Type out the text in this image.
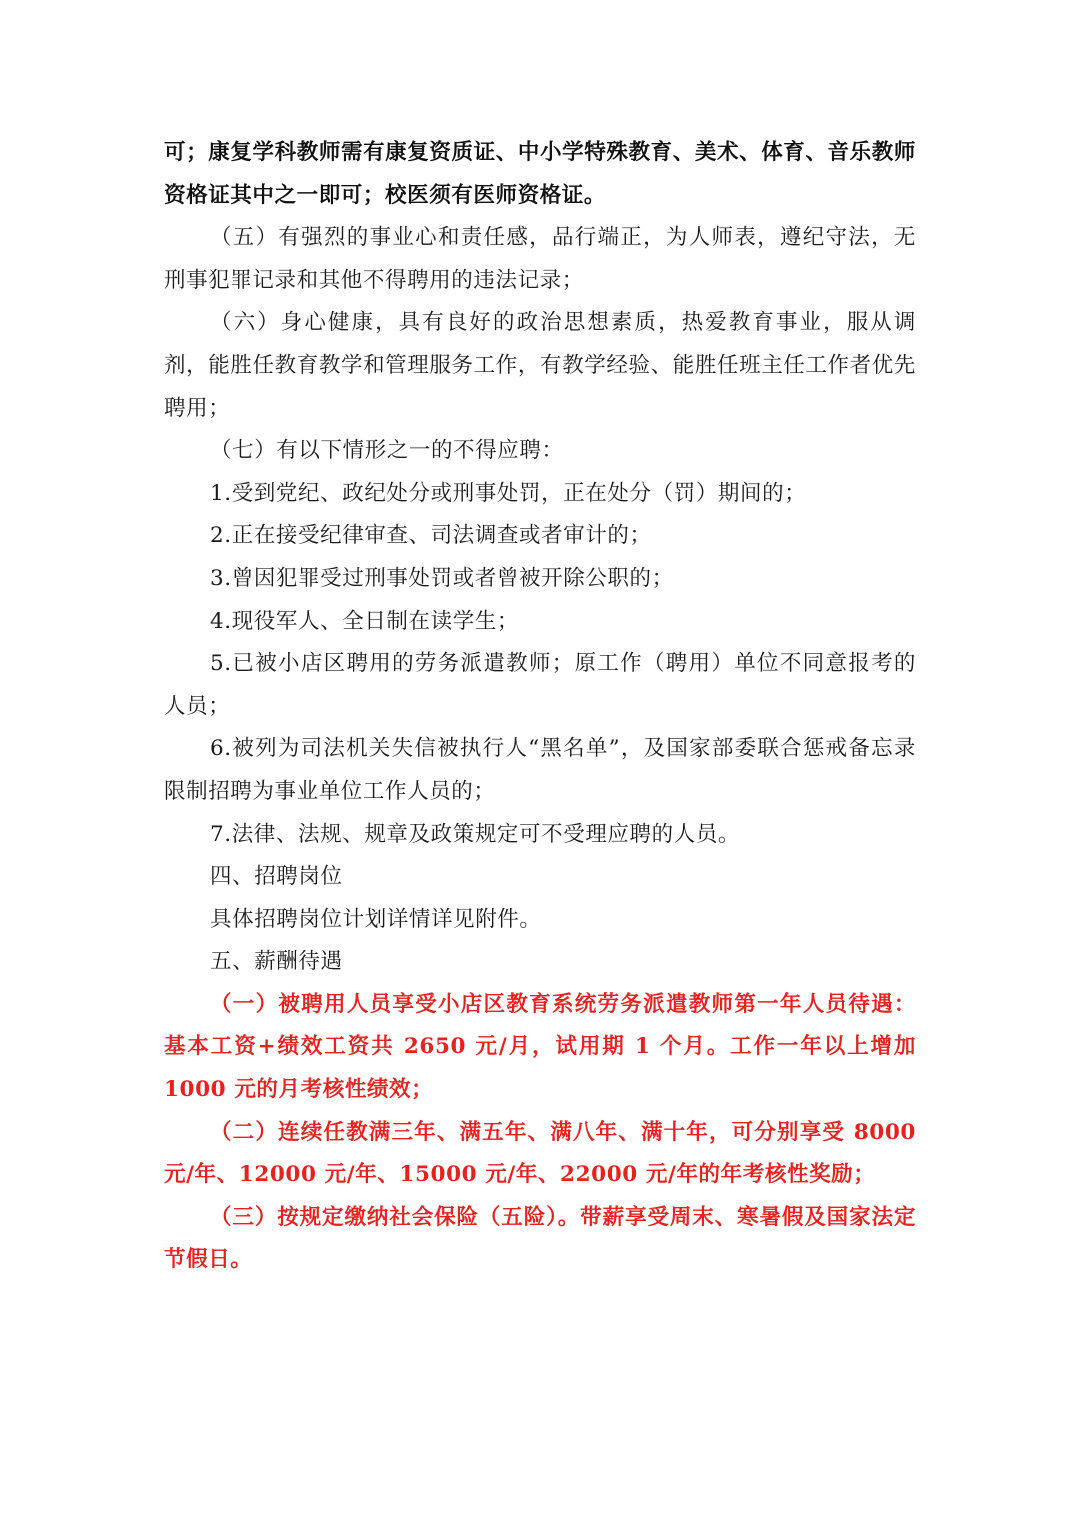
可；康复学科教师需有康复资质证、中小学特殊教育、美术、体育、音乐教师资格证其中之一即可；校医须有医师资格证。

（五）有强烈的事业心和责任感，品行端正，为人师表，遵纪守法，无刑事犯罪记录和其他不得聘用的违法记录；

（六）身心健康，具有良好的政治思想素质，热爱教育事业，服从调剂，能胜任教育教学和管理服务工作，有教学经验、能胜任班主任工作者优先聘用；

（七）有以下情形之一的不得应聘：

1.受到党纪、政纪处分或刑事处罚，正在处分（罚）期间的；

2.正在接受纪律审查、司法调查或者审计的；

3.曾因犯罪受过刑事处罚或者曾被开除公职的；

4.现役军人、全日制在读学生；

5.已被小店区聘用的劳务派遣教师；原工作（聘用）单位不同意报考的人员；

6.被列为司法机关失信被执行人“黑名单”，及国家部委联合惩戒备忘录限制招聘为事业单位工作人员的；

7.法律、法规、规章及政策规定可不受理应聘的人员。

四、招聘岗位

具体招聘岗位计划详情详见附件。

五、薪酬待遇

（一）被聘用人员享受小店区教育系统劳务派遣教师第一年人员待遇：基本工资+绩效工资共 2650 元/月，试用期 1 个月。工作一年以上增加 1000 元的月考核性绩效；

（二）连续任教满三年、满五年、满八年、满十年，可分别享受 8000 元/年、12000 元/年、15000 元/年、22000 元/年的年考核性奖励；

（三）按规定缴纳社会保险（五险）。带薪享受周末、寒暑假及国家法定节假日。
